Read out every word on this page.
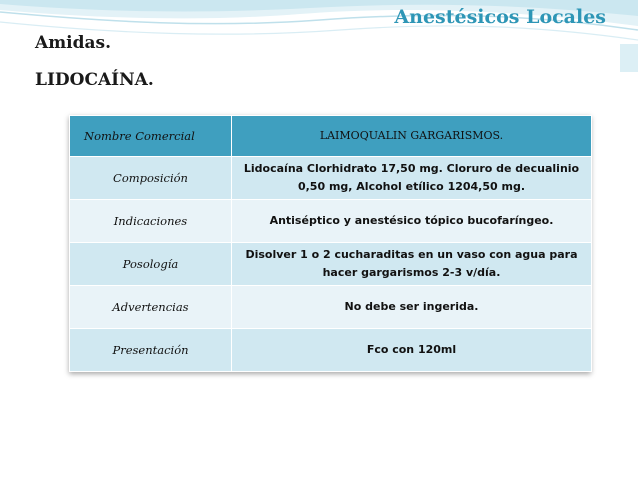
Anestésicos Locales
Amidas.
LIDOCAÍNA.
Nombre Comercial	LAIMOQUALIN GARGARISMOS.
Composición	Lidocaína Clorhidrato 17,50 mg. Cloruro de decualinio 0,50 mg, Alcohol etílico 1204,50 mg.
Indicaciones	Antiséptico y anestésico tópico bucofaríngeo.
Posología	Disolver 1 o 2 cucharaditas en un vaso con agua para hacer gargarismos 2-3 v/día.
Advertencias	No debe ser ingerida.
Presentación	Fco con 120ml
